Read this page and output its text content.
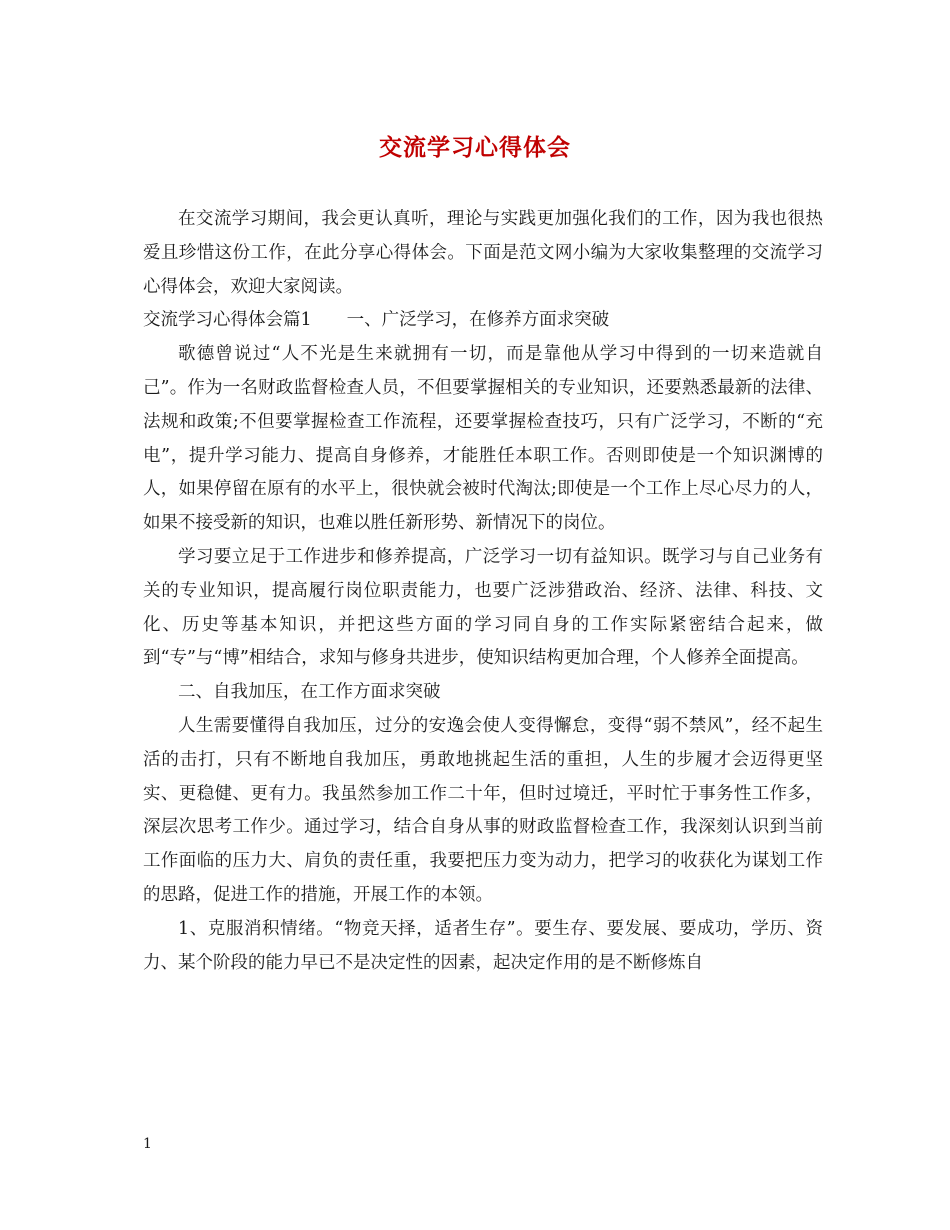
交流学习心得体会

在交流学习期间，我会更认真听，理论与实践更加强化我们的工作，因为我也很热爱且珍惜这份工作，在此分享心得体会。下面是范文网小编为大家收集整理的交流学习心得体会，欢迎大家阅读。

交流学习心得体会篇1　　一、广泛学习，在修养方面求突破

歌德曾说过“人不光是生来就拥有一切，而是靠他从学习中得到的一切来造就自己”。作为一名财政监督检查人员，不但要掌握相关的专业知识，还要熟悉最新的法律、法规和政策;不但要掌握检查工作流程，还要掌握检查技巧，只有广泛学习，不断的“充电”，提升学习能力、提高自身修养，才能胜任本职工作。否则即使是一个知识渊博的人，如果停留在原有的水平上，很快就会被时代淘汰;即使是一个工作上尽心尽力的人，如果不接受新的知识，也难以胜任新形势、新情况下的岗位。

学习要立足于工作进步和修养提高，广泛学习一切有益知识。既学习与自己业务有关的专业知识，提高履行岗位职责能力，也要广泛涉猎政治、经济、法律、科技、文化、历史等基本知识，并把这些方面的学习同自身的工作实际紧密结合起来，做到“专”与“博”相结合，求知与修身共进步，使知识结构更加合理，个人修养全面提高。

二、自我加压，在工作方面求突破

人生需要懂得自我加压，过分的安逸会使人变得懈怠，变得“弱不禁风”，经不起生活的击打，只有不断地自我加压，勇敢地挑起生活的重担，人生的步履才会迈得更坚实、更稳健、更有力。我虽然参加工作二十年，但时过境迁，平时忙于事务性工作多，深层次思考工作少。通过学习，结合自身从事的财政监督检查工作，我深刻认识到当前工作面临的压力大、肩负的责任重，我要把压力变为动力，把学习的收获化为谋划工作的思路，促进工作的措施，开展工作的本领。

1、克服消积情绪。“物竞天择，适者生存”。要生存、要发展、要成功，学历、资力、某个阶段的能力早已不是决定性的因素，起决定作用的是不断修炼自

1
